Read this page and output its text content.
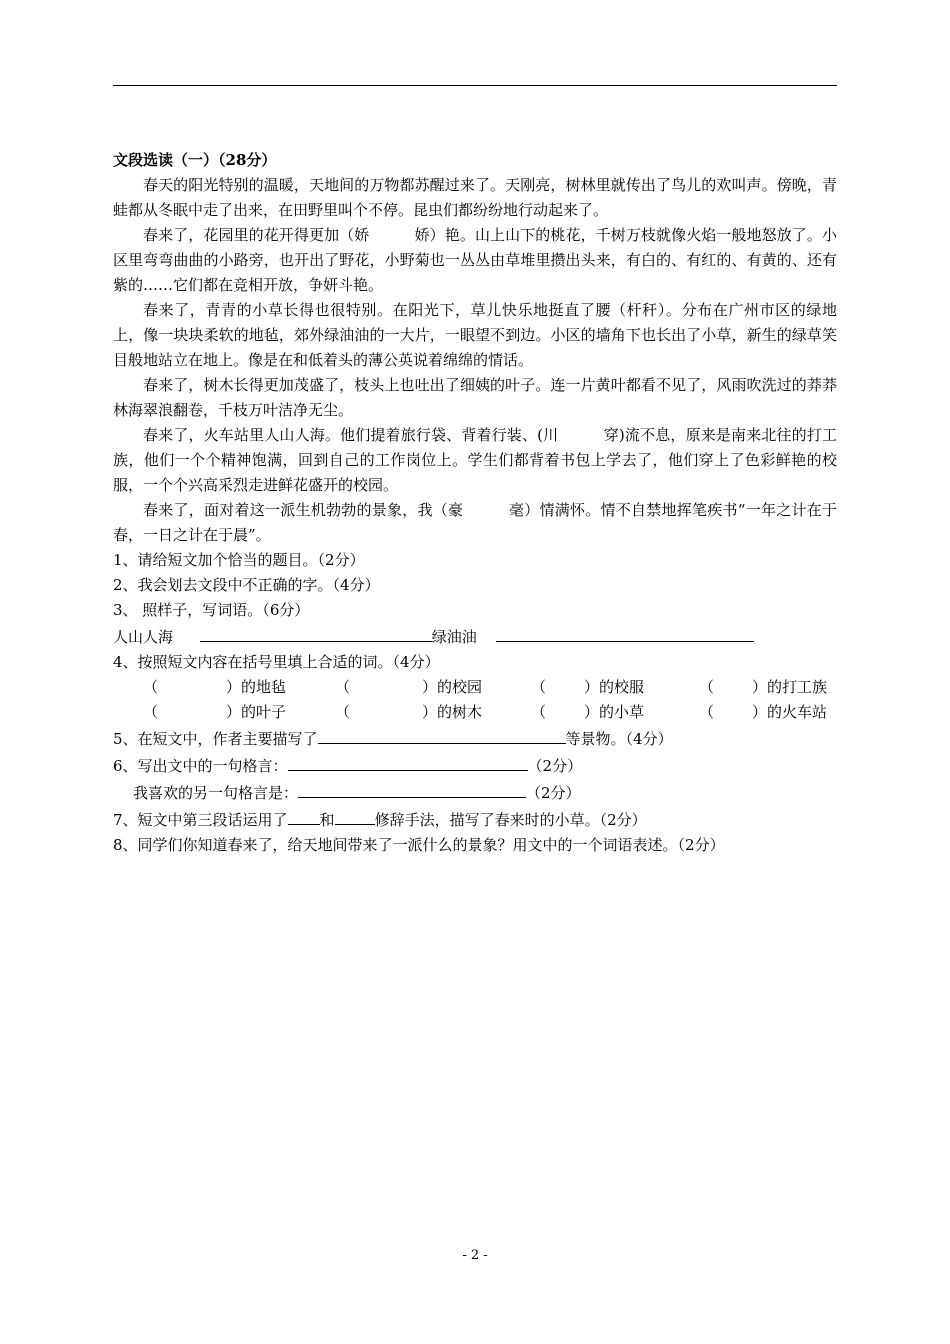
文段选读（一）（28分）

春天的阳光特别的温暖，天地间的万物都苏醒过来了。天刚亮，树林里就传出了鸟儿的欢叫声。傍晚，青蛙都从冬眠中走了出来，在田野里叫个不停。昆虫们都纷纷地行动起来了。

春来了，花园里的花开得更加（娇　　　娇）艳。山上山下的桃花，千树万枝就像火焰一般地怒放了。小区里弯弯曲曲的小路旁，也开出了野花，小野菊也一丛丛由草堆里攒出头来，有白的、有红的、有黄的、还有紫的……它们都在竞相开放，争妍斗艳。

春来了，青青的小草长得也很特别。在阳光下，草儿快乐地挺直了腰（杆秆）。分布在广州市区的绿地上，像一块块柔软的地毡，郊外绿油油的一大片，一眼望不到边。小区的墙角下也长出了小草，新生的绿草笑目般地站立在地上。像是在和低着头的薄公英说着绵绵的情话。

春来了，树木长得更加茂盛了，枝头上也吐出了细姨的叶子。连一片黄叶都看不见了，风雨吹洗过的莽莽林海翠浪翻卷，千枝万叶洁净无尘。

春来了，火车站里人山人海。他们提着旅行袋、背着行装、(川　　　穿)流不息，原来是南来北往的打工族，他们一个个精神饱满，回到自己的工作岗位上。学生们都背着书包上学去了，他们穿上了色彩鲜艳的校服，一个个兴高采烈走进鲜花盛开的校园。

春来了，面对着这一派生机勃勃的景象，我（豪　　　毫）情满怀。情不自禁地挥笔疾书“一年之计在于春，一日之计在于晨”。

1、请给短文加个恰当的题目。（2分）

2、我会划去文段中不正确的字。（4分）

3、 照样子，写词语。（6分）

人山人海	绿油油

4、按照短文内容在括号里填上合适的词。（4分）

（	）的地毡	（	）的校园	（	）的校服	（	）的打工族

（	）的叶子	（	）的树木	（	）的小草	（	）的火车站

5、在短文中，作者主要描写了	等景物。（4分）

6、写出文中的一句格言：	（2分）

我喜欢的另一句格言是：	（2分）

7、短文中第三段话运用了 和	修辞手法，描写了春来时的小草。（2分）

8、同学们你知道春来了，给天地间带来了一派什么的景象？用文中的一个词语表述。（2分）

- 2 -
